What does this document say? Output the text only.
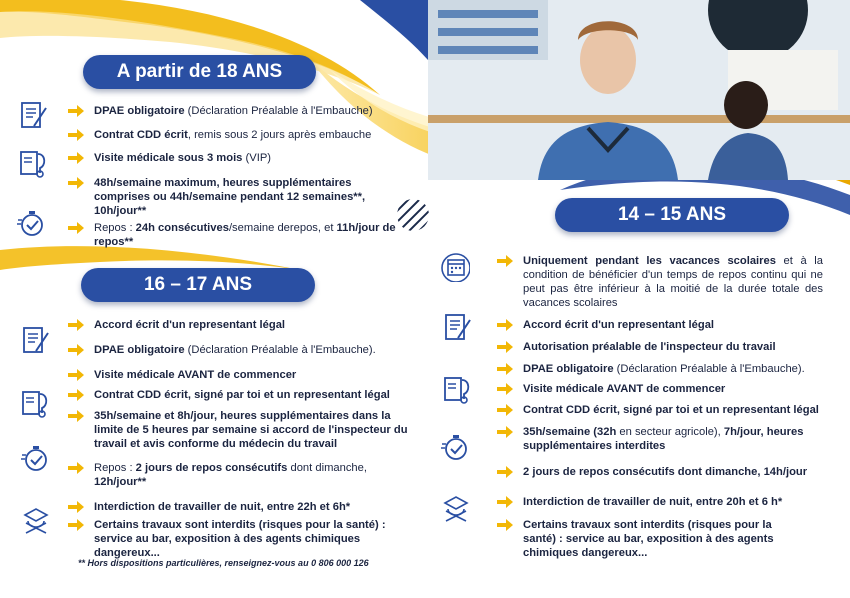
A partir de 18 ANS
16 – 17 ANS
14 – 15 ANS
DPAE obligatoire (Déclaration Préalable à l'Embauche)
Contrat CDD écrit, remis sous 2 jours après embauche
Visite médicale sous 3 mois (VIP)
48h/semaine maximum, heures supplémentaires comprises ou 44h/semaine pendant 12 semaines**, 10h/jour**
Repos : 24h consécutives/semaine derepos, et 11h/jour de repos**
Accord écrit d'un representant légal
DPAE obligatoire (Déclaration Préalable à l'Embauche).
Visite médicale AVANT de commencer
Contrat CDD écrit, signé par toi et un representant légal
35h/semaine et 8h/jour, heures supplémentaires dans la limite de 5 heures par semaine si accord de l'inspecteur du travail et avis conforme du médecin du travail
Repos : 2 jours de repos consécutifs dont dimanche, 12h/jour**
Interdiction de travailler de nuit, entre 22h et 6h*
Certains travaux sont interdits (risques pour la santé) : service au bar, exposition à des agents chimiques dangereux...
Uniquement pendant les vacances scolaires et à la condition de bénéficier d'un temps de repos continu qui ne peut pas être inférieur à la moitié de la durée totale des vacances scolaires
Accord écrit d'un representant légal
Autorisation préalable de l'inspecteur du travail
DPAE obligatoire (Déclaration Préalable à l'Embauche).
Visite médicale AVANT de commencer
Contrat CDD écrit, signé par toi et un representant légal
35h/semaine (32h en secteur agricole), 7h/jour, heures supplémentaires interdites
2 jours de repos consécutifs dont dimanche, 14h/jour
Interdiction de travailler de nuit, entre 20h et 6 h*
Certains travaux sont interdits (risques pour la santé) : service au bar, exposition à des agents chimiques dangereux...
** Hors dispositions particulières, renseignez-vous au 0 806 000 126
